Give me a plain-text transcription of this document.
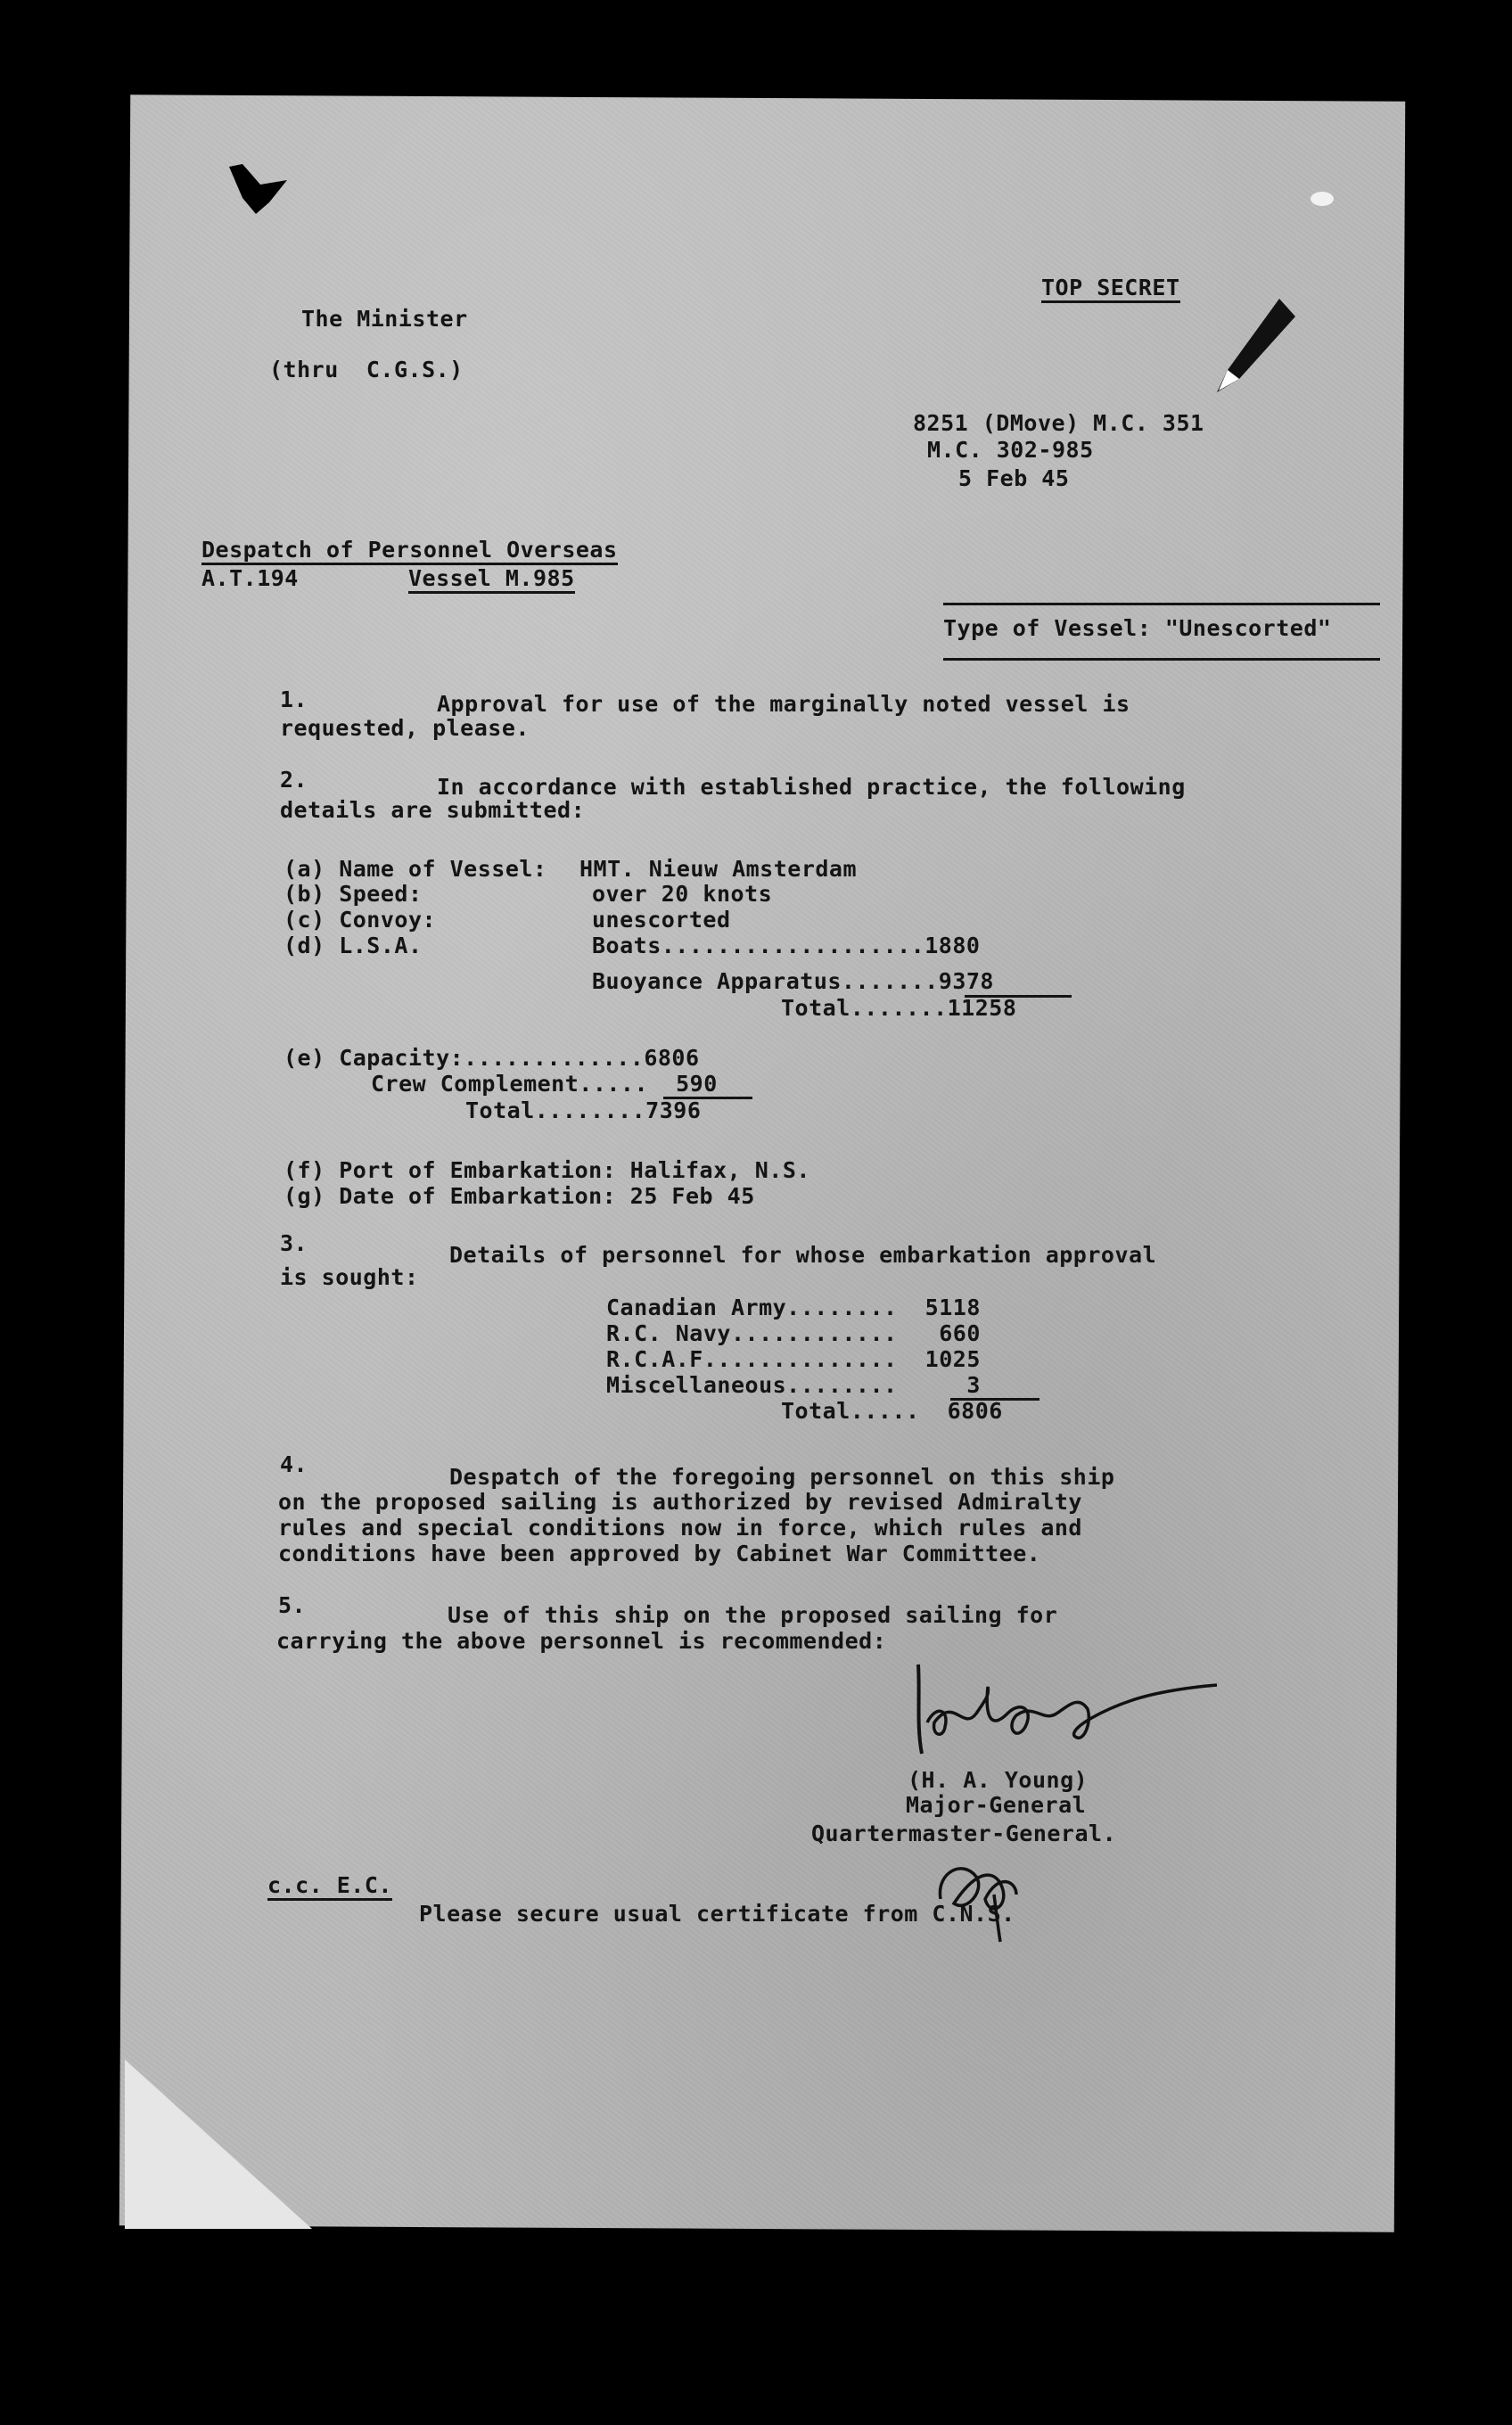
The Minister
(thru  C.G.S.)
TOP SECRET
8251 (DMove) M.C. 351
M.C. 302-985
5 Feb 45
Despatch of Personnel Overseas
A.T.194	Vessel M.985
Type of Vessel: "Unescorted"
1.	Approval for use of the marginally noted vessel is
requested, please.
2.	In accordance with established practice, the following
details are submitted:
(a) Name of Vessel: HMT. Nieuw Amsterdam
(b) Speed:	over 20 knots
(c) Convoy:	unescorted
(d) L.S.A.	Boats...................1880
Buoyance Apparatus.......9378
Total.......11258
(e) Capacity:.............6806
Crew Complement.....  590
Total........7396
(f) Port of Embarkation: Halifax, N.S.
(g) Date of Embarkation: 25 Feb 45
3.	Details of personnel for whose embarkation approval
is sought:
Canadian Army........  5118
R.C. Navy............   660
R.C.A.F..............  1025
Miscellaneous........     3
Total.....  6806
4.	Despatch of the foregoing personnel on this ship
on the proposed sailing is authorized by revised Admiralty
rules and special conditions now in force, which rules and
conditions have been approved by Cabinet War Committee.
5.	Use of this ship on the proposed sailing for
carrying the above personnel is recommended:
(H. A. Young)
Major-General
Quartermaster-General.
c.c. E.C.
Please secure usual certificate from C.N.S.
